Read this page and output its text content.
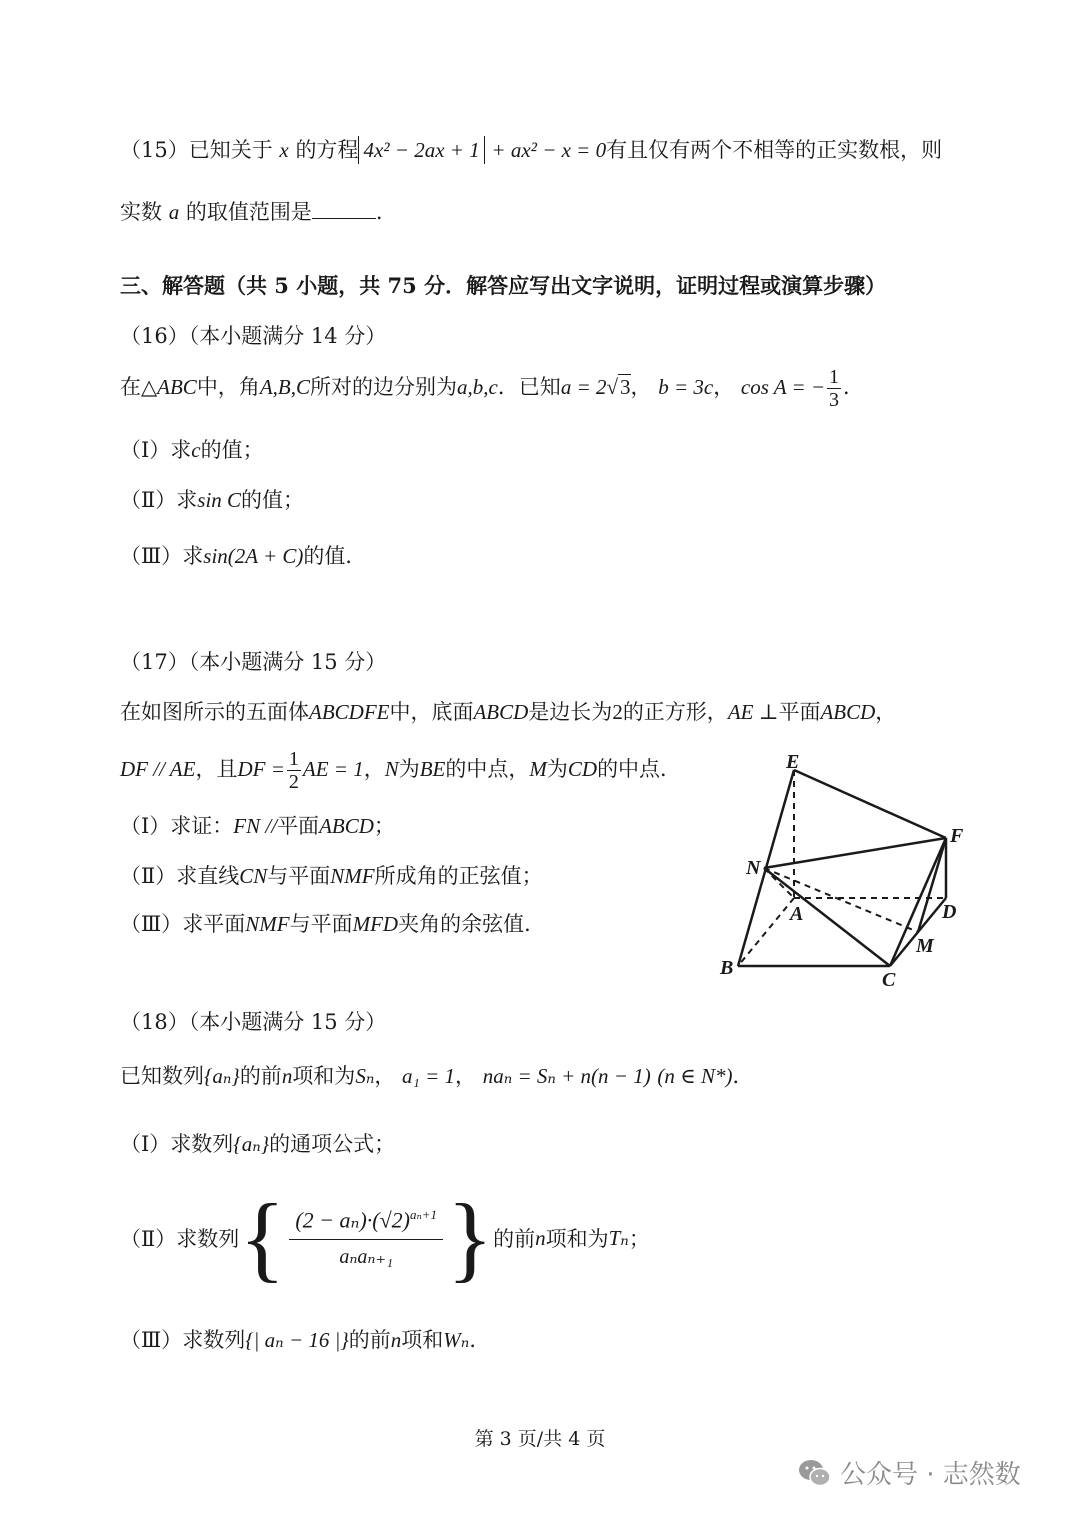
（15）已知关于 x 的方程 4x² − 2ax + 1 + ax² − x = 0有且仅有两个不相等的正实数根，则
实数 a 的取值范围是	.
三、解答题（共 5 小题，共 75 分．解答应写出文字说明，证明过程或演算步骤）
（16）（本小题满分 14 分）
在△ABC中，角A,B,C所对的边分别为a,b,c．已知a = 2√3， b = 3c， cos A = − $\frac{1}{3}$ ．
（Ⅰ）求c的值；
（Ⅱ）求sin C的值；
（Ⅲ）求sin(2A + C)的值．
（17）（本小题满分 15 分）
在如图所示的五面体ABCDFE中，底面ABCD是边长为2的正方形，AE ⊥平面ABCD，
DF // AE，且DF = $\frac{1}{2}$ AE = 1，N为BE的中点，M为CD的中点．
（Ⅰ）求证：FN //平面ABCD；
（Ⅱ）求直线CN与平面NMF所成角的正弦值；
（Ⅲ）求平面NMF与平面MFD夹角的余弦值．
E
F
N
A	D
M
B
C
（18）（本小题满分 15 分）
已知数列{aₙ}的前n项和为Sₙ， a₁ = 1， naₙ = Sₙ + n(n − 1) (n ∈ N*)．
（Ⅰ）求数列{aₙ}的通项公式；
（Ⅱ）求数列 { $\frac{(2 - a_n)\cdot(√2)^{a_n+1}}{\text{aₙaₙ₊₁}}$ } 的前 n 项和为 Tₙ ；
（Ⅲ）求数列{| aₙ − 16 |}的前n项和Wₙ．
第 3 页/共 4 页
公众号 · 志然数
